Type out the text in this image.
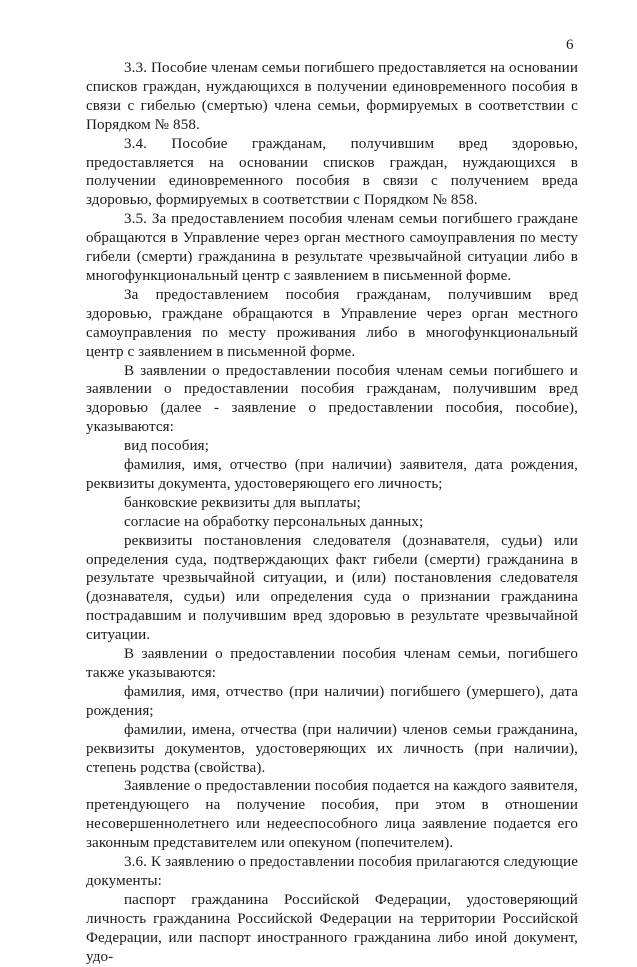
6

3.3. Пособие членам семьи погибшего предоставляется на основании списков граждан, нуждающихся в получении единовременного пособия в связи с гибелью (смертью) члена семьи, формируемых в соответствии с Порядком № 858.

3.4. Пособие гражданам, получившим вред здоровью, предоставляется на основании списков граждан, нуждающихся в получении единовременного пособия в связи с получением вреда здоровью, формируемых в соответствии с Порядком № 858.

3.5. За предоставлением пособия членам семьи погибшего граждане обращаются в Управление через орган местного самоуправления по месту гибели (смерти) гражданина в результате чрезвычайной ситуации либо в многофункциональный центр с заявлением в письменной форме.

За предоставлением пособия гражданам, получившим вред здоровью, граждане обращаются в Управление через орган местного самоуправления по месту проживания либо в многофункциональный центр с заявлением в письменной форме.

В заявлении о предоставлении пособия членам семьи погибшего и заявлении о предоставлении пособия гражданам, получившим вред здоровью (далее - заявление о предоставлении пособия, пособие), указываются:

вид пособия;

фамилия, имя, отчество (при наличии) заявителя, дата рождения, реквизиты документа, удостоверяющего его личность;

банковские реквизиты для выплаты;

согласие на обработку персональных данных;

реквизиты постановления следователя (дознавателя, судьи) или определения суда, подтверждающих факт гибели (смерти) гражданина в результате чрезвычайной ситуации, и (или) постановления следователя (дознавателя, судьи) или определения суда о признании гражданина пострадавшим и получившим вред здоровью в результате чрезвычайной ситуации.

В заявлении о предоставлении пособия членам семьи, погибшего также указываются:

фамилия, имя, отчество (при наличии) погибшего (умершего), дата рождения;

фамилии, имена, отчества (при наличии) членов семьи гражданина, реквизиты документов, удостоверяющих их личность (при наличии), степень родства (свойства).

Заявление о предоставлении пособия подается на каждого заявителя, претендующего на получение пособия, при этом в отношении несовершеннолетнего или недееспособного лица заявление подается его законным представителем или опекуном (попечителем).

3.6. К заявлению о предоставлении пособия прилагаются следующие документы:

паспорт гражданина Российской Федерации, удостоверяющий личность гражданина Российской Федерации на территории Российской Федерации, или паспорт иностранного гражданина либо иной документ, удо-
